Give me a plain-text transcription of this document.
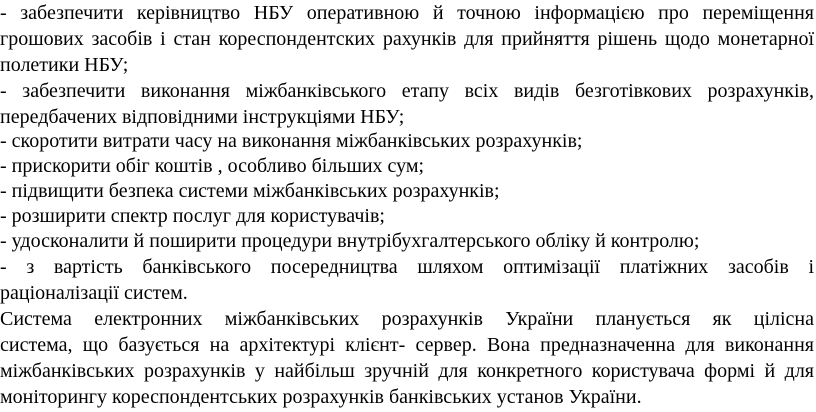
- забезпечити керівництво НБУ оперативною й точною інформацією про переміщення
грошових засобів і стан кореспондентских рахунків для прийняття рішень щодо монетарної
полетики НБУ;
- забезпечити виконання міжбанківського етапу всіх видів безготівкових розрахунків,
передбачених відповідними інструкціями НБУ;
- скоротити витрати часу на виконання міжбанківських розрахунків;
- прискорити обіг коштів , особливо більших сум;
- підвищити безпека системи міжбанківських розрахунків;
- розширити спектр послуг для користувачів;
- удосконалити й поширити процедури внутрібухгалтерського обліку й контролю;
- з вартість банківського посередництва шляхом оптимізації платіжних засобів і
раціоналізації систем.
Система електронних міжбанківських розрахунків України планується як цілісна
система, що базується на архітектурі клієнт- сервер. Вона предназначенна для виконання
міжбанківських розрахунків у найбільш зручній для конкретного користувача формі й для
моніторингу кореспондентських розрахунків банківських установ України.
